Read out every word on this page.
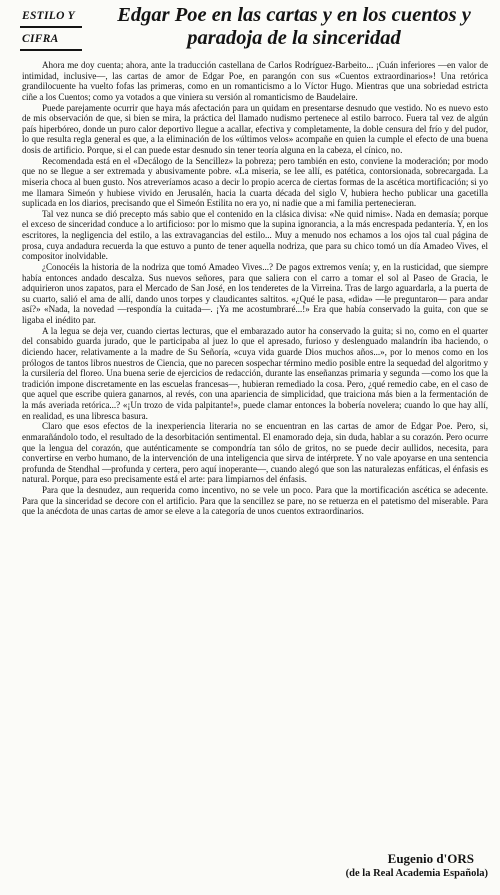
ESTILO Y
CIFRA
Edgar Poe en las cartas y en los cuentos y paradoja de la sinceridad

Ahora me doy cuenta; ahora, ante la traducción castellana de Carlos Rodríguez-Barbeito... ¡Cuán inferiores —en valor de intimidad, inclusive—, las cartas de amor de Edgar Poe, en parangón con sus «Cuentos extraordinarios»! Una retórica grandilocuente ha vuelto fofas las primeras, como en un romanticismo a lo Víctor Hugo. Mientras que una sobriedad estricta ciñe a los Cuentos; como ya votados a que viniera su versión al romanticismo de Baudelaire.

Puede parejamente ocurrir que haya más afectación para un quidam en presentarse desnudo que vestido. No es nuevo esto de mis observación de que, si bien se mira, la práctica del llamado nudismo pertenece al estilo barroco. Fuera tal vez de algún país hiperbóreo, donde un puro calor deportivo llegue a acallar, efectiva y completamente, la doble censura del frío y del pudor, lo que resulta regla general es que, a la eliminación de los «últimos velos» acompañe en quien la cumple el efecto de una buena dosis de artificio. Porque, si el can puede estar desnudo sin tener teoría alguna en la cabeza, el cínico, no.

Recomendada está en el «Decálogo de la Sencillez» la pobreza; pero también en esto, conviene la moderación; por modo que no se llegue a ser extremada y abusivamente pobre. «La miseria, se lee allí, es patética, contorsionada, sobrecargada. La miseria choca al buen gusto. Nos atreveríamos acaso a decir lo propio acerca de ciertas formas de la ascética mortificación; si yo me llamara Simeón y hubiese vivido en Jerusalén, hacia la cuarta década del siglo V, hubiera hecho publicar una gacetilla suplicada en los diarios, precisando que el Simeón Estilita no era yo, ni nadie que a mi familia pertenecieran.

Tal vez nunca se dió precepto más sabio que el contenido en la clásica divisa: «Ne quid nimis». Nada en demasía; porque el exceso de sinceridad conduce a lo artificioso: por lo mismo que la supina ignorancia, a la más encrespada pedantería. Y, en los escritores, la negligencia del estilo, a las extravagancias del estilo... Muy a menudo nos echamos a los ojos tal cual página de prosa, cuya andadura recuerda la que estuvo a punto de tener aquella nodriza, que para su chico tomó un día Amadeo Vives, el compositor inolvidable.

¿Conocéis la historia de la nodriza que tomó Amadeo Vives...? De pagos extremos venía; y, en la rusticidad, que siempre había entonces andado descalza. Sus nuevos señores, para que saliera con el carro a tomar el sol al Paseo de Gracia, le adquirieron unos zapatos, para el Mercado de San José, en los tenderetes de la Virreina. Tras de largo aguardarla, a la puerta de su cuarto, salió el ama de allí, dando unos torpes y claudicantes saltitos. «¿Qué le pasa, «dida» —le preguntaron— para andar así?» «Nada, la novedad —respondía la cuitada—. ¡Ya me acostumbraré...!» Era que había conservado la guita, con que se ligaba el inédito par.

A la legua se deja ver, cuando ciertas lecturas, que el embarazado autor ha conservado la guita; si no, como en el quarter del consabido guarda jurado, que le participaba al juez lo que el apresado, furioso y deslenguado malandrín iba haciendo, o diciendo hacer, relativamente a la madre de Su Señoría, «cuya vida guarde Dios muchos años...», por lo menos como en los prólogos de tantos libros nuestros de Ciencia, que no parecen sospechar término medio posible entre la sequedad del algoritmo y la cursilería del floreo. Una buena serie de ejercicios de redacción, durante las enseñanzas primaria y segunda —como los que la tradición impone discretamente en las escuelas francesas—, hubieran remediado la cosa. Pero, ¿qué remedio cabe, en el caso de que aquel que escribe quiera ganarnos, al revés, con una apariencia de simplicidad, que traiciona más bien a la fermentación de la más averiada retórica...? «¡Un trozo de vida palpitante!», puede clamar entonces la bobería novelera; cuando lo que hay allí, en realidad, es una libresca basura.

Claro que esos efectos de la inexperiencia literaria no se encuentran en las cartas de amor de Edgar Poe. Pero, si, enmarañándolo todo, el resultado de la desorbitación sentimental. El enamorado deja, sin duda, hablar a su corazón. Pero ocurre que la lengua del corazón, que auténticamente se compondría tan sólo de gritos, no se puede decir aullidos, necesita, para convertirse en verbo humano, de la intervención de una inteligencia que sirva de intérprete. Y no vale apoyarse en una sentencia profunda de Stendhal —profunda y certera, pero aquí inoperante—, cuando alegó que son las naturalezas enfáticas, el énfasis es natural. Porque, para eso precisamente está el arte: para limpiarnos del énfasis.

Para que la desnudez, aun requerida como incentivo, no se vele un poco. Para que la mortificación ascética se adecente. Para que la sinceridad se decore con el artificio. Para que la sencillez se pare, no se retuerza en el patetismo del miserable. Para que la anécdota de unas cartas de amor se eleve a la categoría de unos cuentos extraordinarios.

Eugenio d'ORS
(de la Real Academia Española)
